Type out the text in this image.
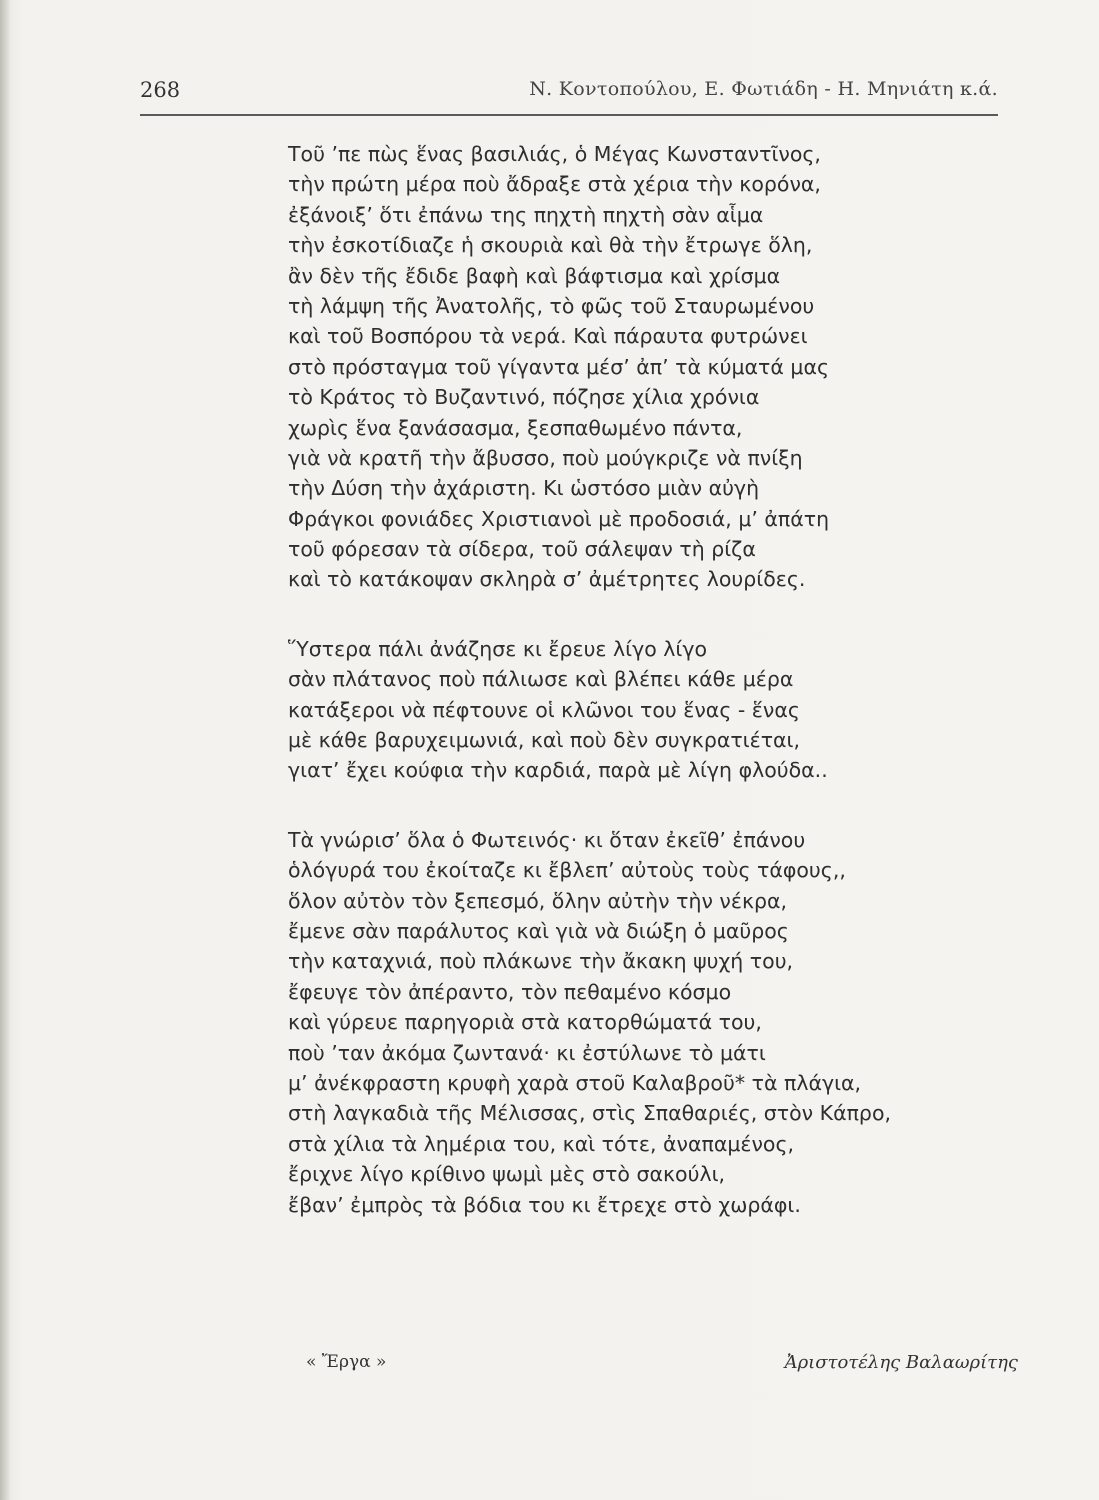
268	Ν. Κοντοπούλου, Ε. Φωτιάδη - Η. Μηνιάτη κ.ά.
Τοῦ ’πε πὼς ἕνας βασιλιάς, ὁ Μέγας Κωνσταντῖνος,
τὴν πρώτη μέρα ποὺ ἄδραξε στὰ χέρια τὴν κορόνα,
ἐξάνοιξ’ ὅτι ἐπάνω της πηχτὴ πηχτὴ σὰν αἷμα
τὴν ἐσκοτίδιαζε ἡ σκουριὰ καὶ θὰ τὴν ἔτρωγε ὅλη,
ἂν δὲν τῆς ἔδιδε βαφὴ καὶ βάφτισμα καὶ χρίσμα
τὴ λάμψη τῆς Ἀνατολῆς, τὸ φῶς τοῦ Σταυρωμένου
καὶ τοῦ Βοσπόρου τὰ νερά. Καὶ πάραυτα φυτρώνει
στὸ πρόσταγμα τοῦ γίγαντα μέσ’ ἀπ’ τὰ κύματά μας
τὸ Κράτος τὸ Βυζαντινό, πόζησε χίλια χρόνια
χωρὶς ἕνα ξανάσασμα, ξεσπαθωμένο πάντα,
γιὰ νὰ κρατῆ τὴν ἄβυσσο, ποὺ μούγκριζε νὰ πνίξη
τὴν Δύση τὴν ἀχάριστη. Κι ὡστόσο μιὰν αὐγὴ
Φράγκοι φονιάδες Χριστιανοὶ μὲ προδοσιά, μ’ ἀπάτη
τοῦ φόρεσαν τὰ σίδερα, τοῦ σάλεψαν τὴ ρίζα
καὶ τὸ κατάκοψαν σκληρὰ σ’ ἀμέτρητες λουρίδες.
Ὕστερα πάλι ἀνάζησε κι ἔρευε λίγο λίγο
σὰν πλάτανος ποὺ πάλιωσε καὶ βλέπει κάθε μέρα
κατάξεροι νὰ πέφτουνε οἱ κλῶνοι του ἕνας - ἕνας
μὲ κάθε βαρυχειμωνιά, καὶ ποὺ δὲν συγκρατιέται,
γιατ’ ἔχει κούφια τὴν καρδιά, παρὰ μὲ λίγη φλούδα..
Τὰ γνώρισ’ ὅλα ὁ Φωτεινός· κι ὅταν ἐκεῖθ’ ἐπάνου
ὁλόγυρά του ἐκοίταζε κι ἔβλεπ’ αὐτοὺς τοὺς τάφους,,
ὅλον αὐτὸν τὸν ξεπεσμό, ὅλην αὐτὴν τὴν νέκρα,
ἔμενε σὰν παράλυτος καὶ γιὰ νὰ διώξη ὁ μαῦρος
τὴν καταχνιά, ποὺ πλάκωνε τὴν ἄκακη ψυχή του,
ἔφευγε τὸν ἀπέραντο, τὸν πεθαμένο κόσμο
καὶ γύρευε παρηγοριὰ στὰ κατορθώματά του,
ποὺ ’ταν ἀκόμα ζωντανά· κι ἐστύλωνε τὸ μάτι
μ’ ἀνέκφραστη κρυφὴ χαρὰ στοῦ Καλαβροῦ* τὰ πλάγια,
στὴ λαγκαδιὰ τῆς Μέλισσας, στὶς Σπαθαριές, στὸν Κάπρο,
στὰ χίλια τὰ λημέρια του, καὶ τότε, ἀναπαμένος,
ἔριχνε λίγο κρίθινο ψωμὶ μὲς στὸ σακούλι,
ἔβαν’ ἐμπρὸς τὰ βόδια του κι ἔτρεχε στὸ χωράφι.
« Ἔργα »	Ἀριστοτέλης Βαλαωρίτης
